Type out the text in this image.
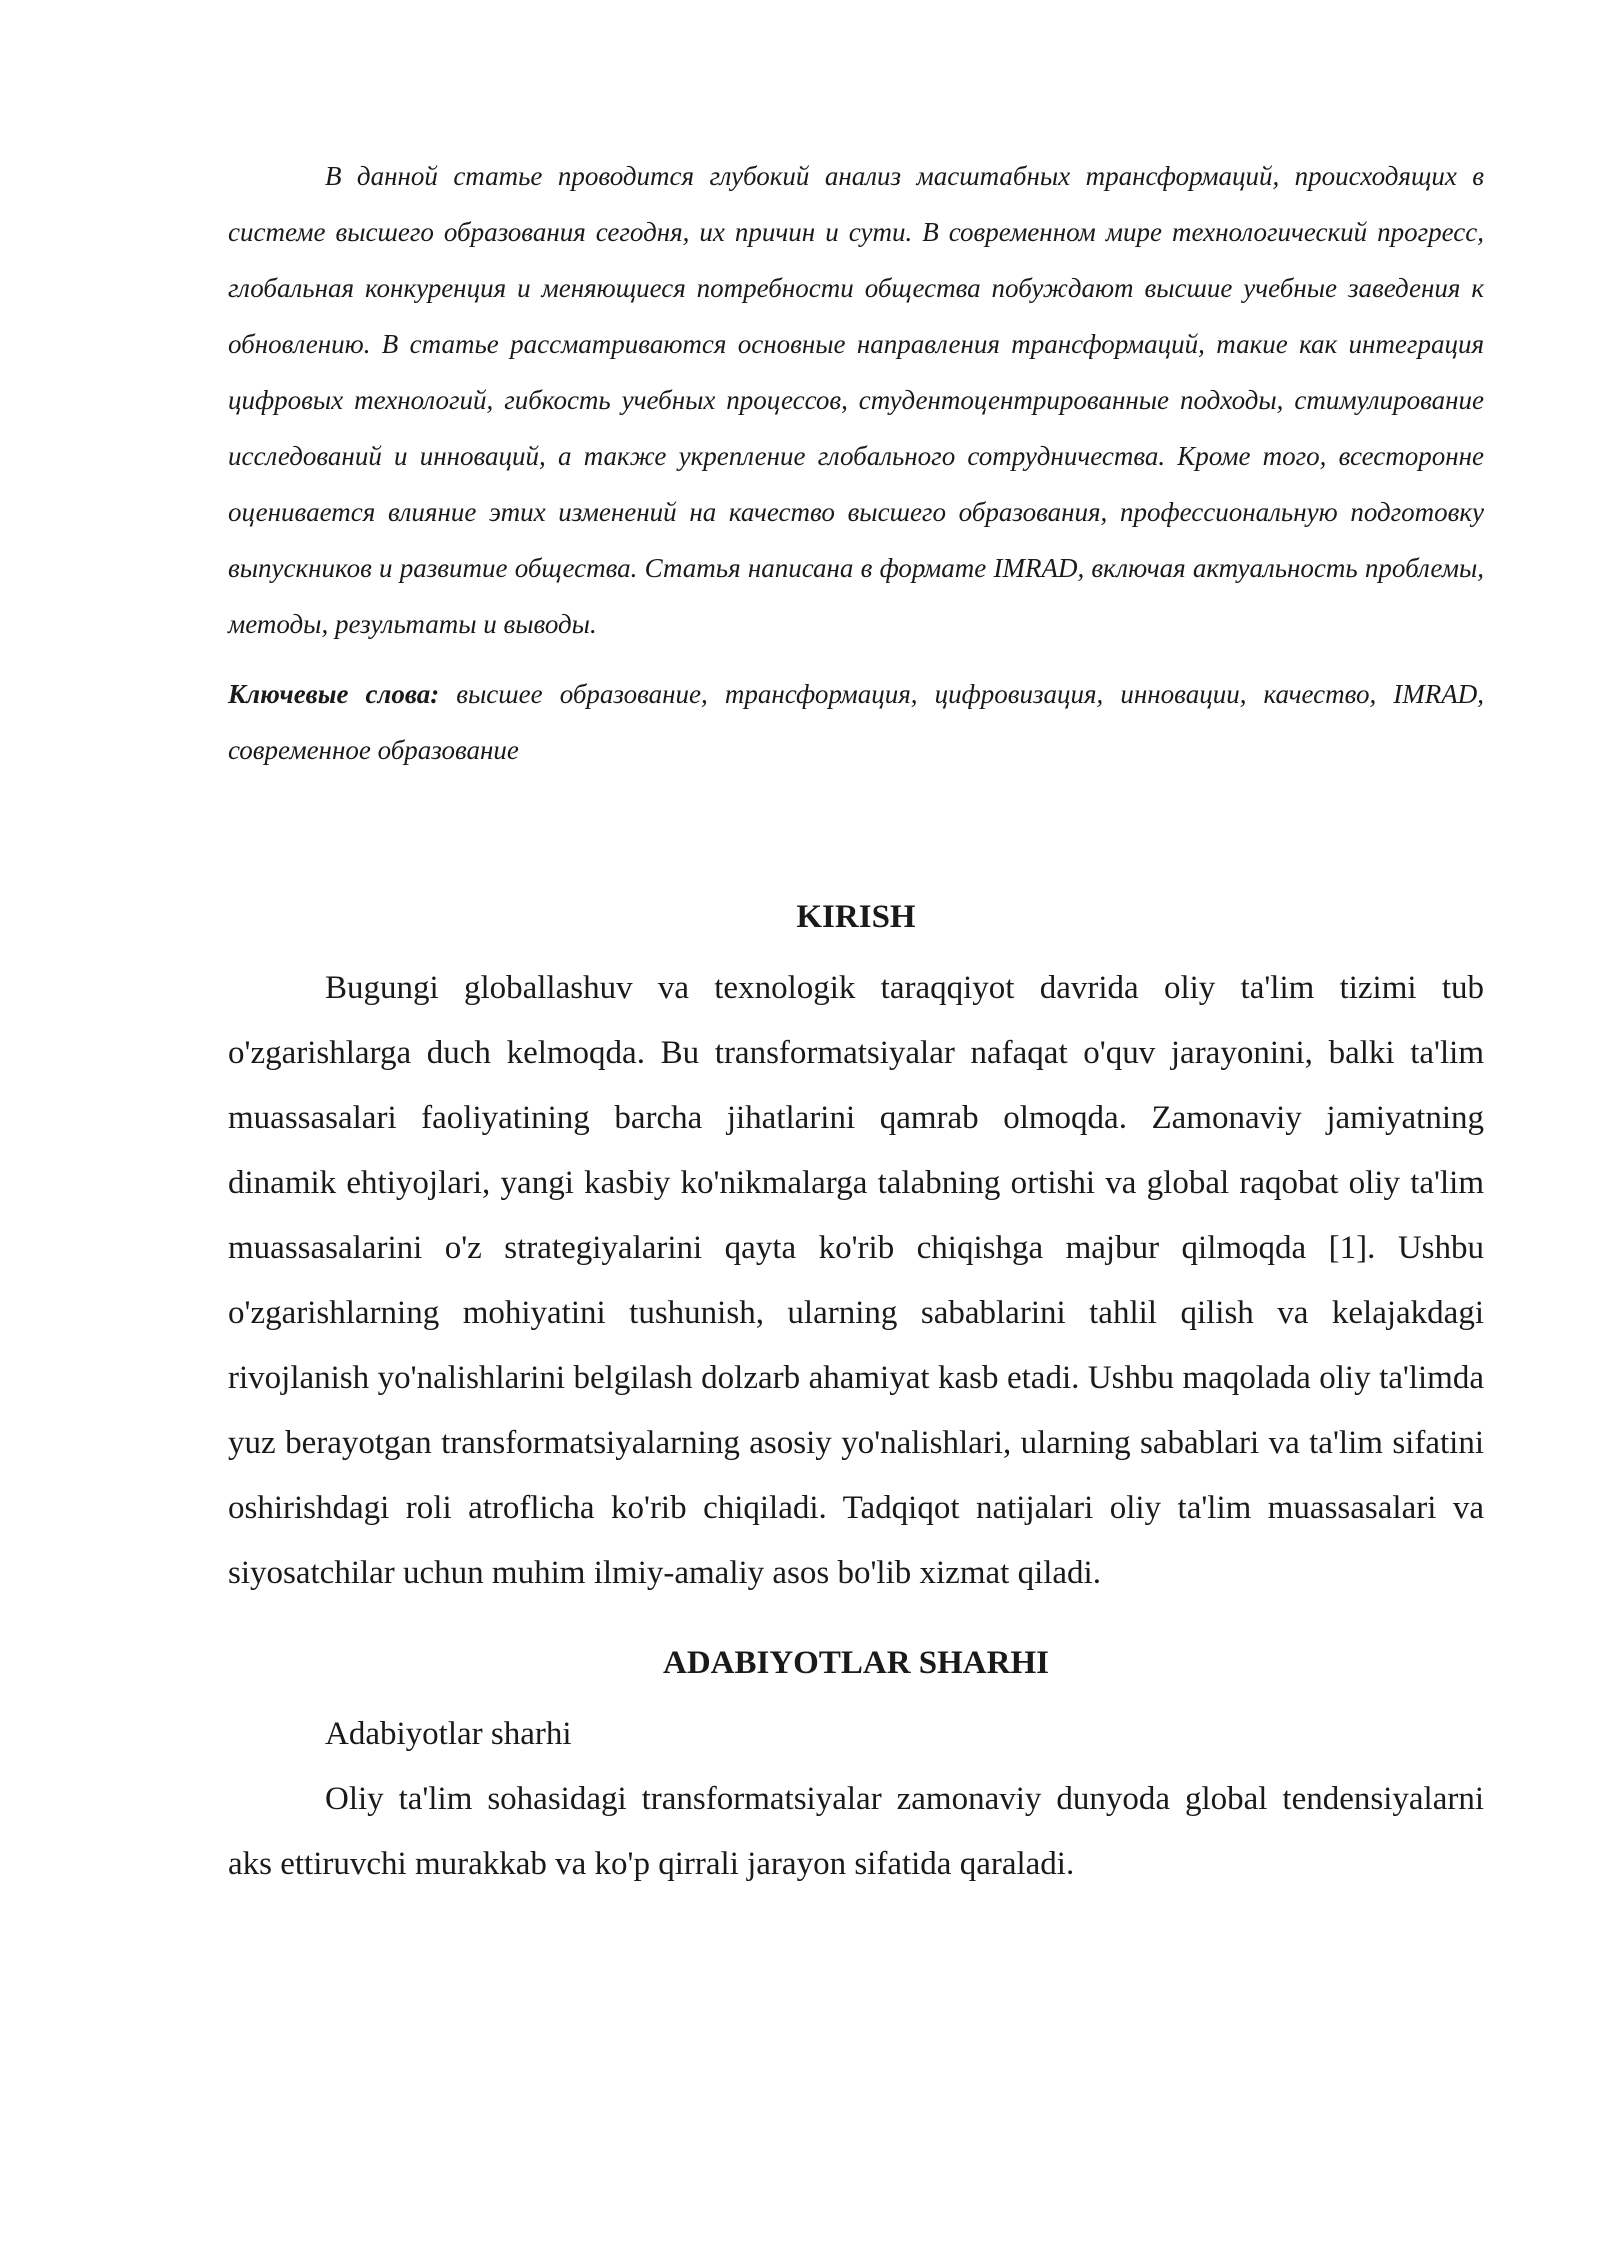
В данной статье проводится глубокий анализ масштабных трансформаций, происходящих в системе высшего образования сегодня, их причин и сути. В современном мире технологический прогресс, глобальная конкуренция и меняющиеся потребности общества побуждают высшие учебные заведения к обновлению. В статье рассматриваются основные направления трансформаций, такие как интеграция цифровых технологий, гибкость учебных процессов, студентоцентрированные подходы, стимулирование исследований и инноваций, а также укрепление глобального сотрудничества. Кроме того, всесторонне оценивается влияние этих изменений на качество высшего образования, профессиональную подготовку выпускников и развитие общества. Статья написана в формате IMRAD, включая актуальность проблемы, методы, результаты и выводы.

Ключевые слова: высшее образование, трансформация, цифровизация, инновации, качество, IMRAD, современное образование

KIRISH

Bugungi globallashuv va texnologik taraqqiyot davrida oliy ta'lim tizimi tub o'zgarishlarga duch kelmoqda. Bu transformatsiyalar nafaqat o'quv jarayonini, balki ta'lim muassasalari faoliyatining barcha jihatlarini qamrab olmoqda. Zamonaviy jamiyatning dinamik ehtiyojlari, yangi kasbiy ko'nikmalarga talabning ortishi va global raqobat oliy ta'lim muassasalarini o'z strategiyalarini qayta ko'rib chiqishga majbur qilmoqda [1]. Ushbu o'zgarishlarning mohiyatini tushunish, ularning sabablarini tahlil qilish va kelajakdagi rivojlanish yo'nalishlarini belgilash dolzarb ahamiyat kasb etadi. Ushbu maqolada oliy ta'limda yuz berayotgan transformatsiyalarning asosiy yo'nalishlari, ularning sabablari va ta'lim sifatini oshirishdagi roli atroflicha ko'rib chiqiladi. Tadqiqot natijalari oliy ta'lim muassasalari va siyosatchilar uchun muhim ilmiy-amaliy asos bo'lib xizmat qiladi.

ADABIYOTLAR SHARHI

Adabiyotlar sharhi

Oliy ta'lim sohasidagi transformatsiyalar zamonaviy dunyoda global tendensiyalarni aks ettiruvchi murakkab va ko'p qirrali jarayon sifatida qaraladi.
